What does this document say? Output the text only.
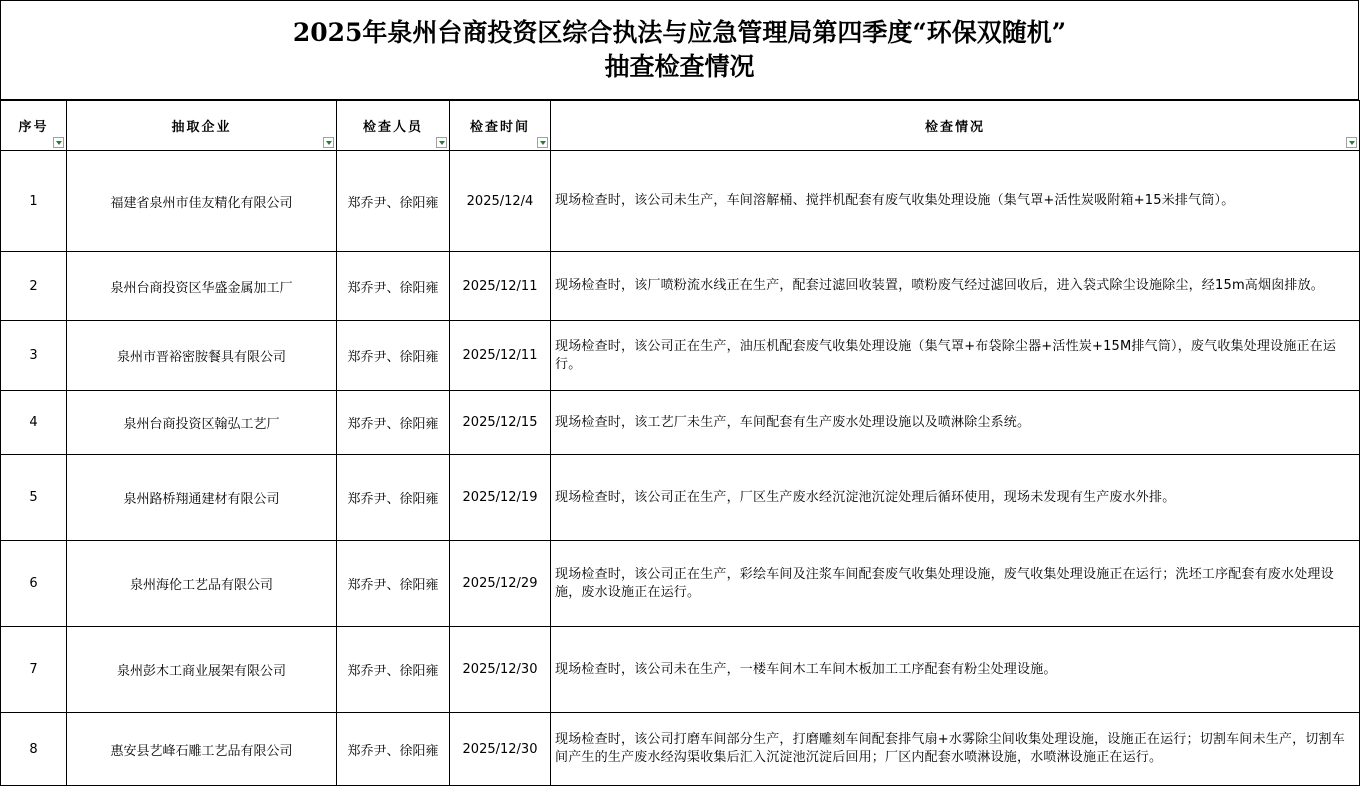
2025年泉州台商投资区综合执法与应急管理局第四季度“环保双随机”
抽查检查情况
序号	抽取企业	检查人员	检查时间	检查情况

1	福建省泉州市佳友精化有限公司	郑乔尹、徐阳雍	2025/12/4	现场检查时，该公司未生产，车间溶解桶、搅拌机配套有废气收集处理设施（集气罩+活性炭吸附箱+15米排气筒）。
2	泉州台商投资区华盛金属加工厂	郑乔尹、徐阳雍	2025/12/11	现场检查时，该厂喷粉流水线正在生产，配套过滤回收装置，喷粉废气经过滤回收后，进入袋式除尘设施除尘，经15m高烟囱排放。
3	泉州市晋裕密胺餐具有限公司	郑乔尹、徐阳雍	2025/12/11	现场检查时，该公司正在生产，油压机配套废气收集处理设施（集气罩+布袋除尘器+活性炭+15M排气筒），废气收集处理设施正在运行。
4	泉州台商投资区翰弘工艺厂	郑乔尹、徐阳雍	2025/12/15	现场检查时，该工艺厂未生产，车间配套有生产废水处理设施以及喷淋除尘系统。
5	泉州路桥翔通建材有限公司	郑乔尹、徐阳雍	2025/12/19	现场检查时，该公司正在生产，厂区生产废水经沉淀池沉淀处理后循环使用，现场未发现有生产废水外排。
6	泉州海伦工艺品有限公司	郑乔尹、徐阳雍	2025/12/29	现场检查时，该公司正在生产，彩绘车间及注浆车间配套废气收集处理设施，废气收集处理设施正在运行；洗坯工序配套有废水处理设施，废水设施正在运行。
7	泉州彭木工商业展架有限公司	郑乔尹、徐阳雍	2025/12/30	现场检查时，该公司未在生产，一楼车间木工车间木板加工工序配套有粉尘处理设施。
8	惠安县艺峰石雕工艺品有限公司	郑乔尹、徐阳雍	2025/12/30	现场检查时，该公司打磨车间部分生产，打磨雕刻车间配套排气扇+水雾除尘间收集处理设施，设施正在运行；切割车间未生产，切割车间产生的生产废水经沟渠收集后汇入沉淀池沉淀后回用；厂区内配套水喷淋设施，水喷淋设施正在运行。
